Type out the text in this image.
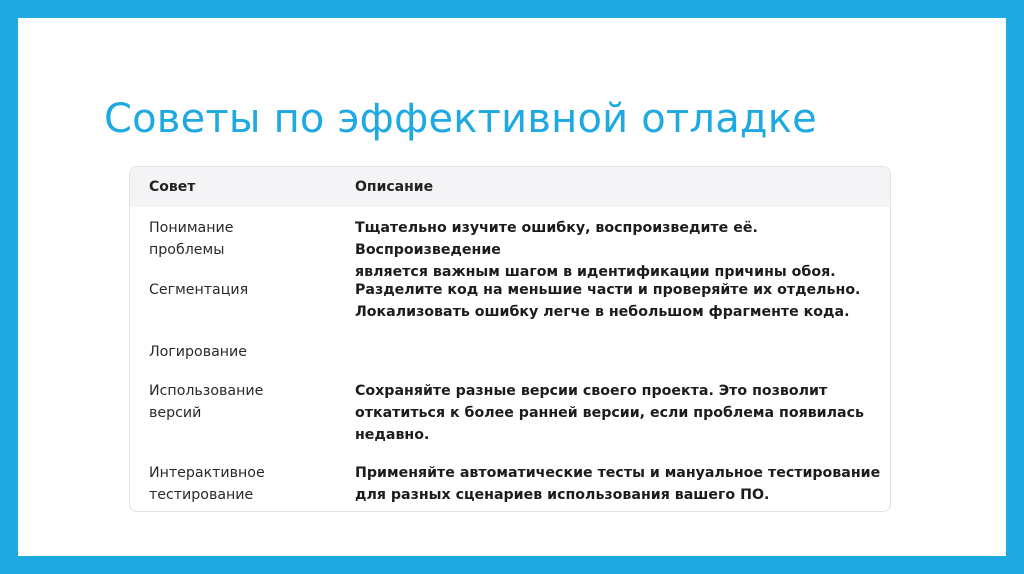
Советы по эффективной отладке
Совет	Описание
Понимание
проблемы
Тщательно изучите ошибку, воспроизведите её. Воспроизведение
является важным шагом в идентификации причины обоя.
Сегментация	Разделите код на меньшие части и проверяйте их отдельно.
Локализовать ошибку легче в небольшом фрагменте кода.
Логирование
Использование
версий
Сохраняйте разные версии своего проекта. Это позволит
откатиться к более ранней версии, если проблема появилась
недавно.
Интерактивное
тестирование
Применяйте автоматические тесты и мануальное тестирование
для разных сценариев использования вашего ПО.
